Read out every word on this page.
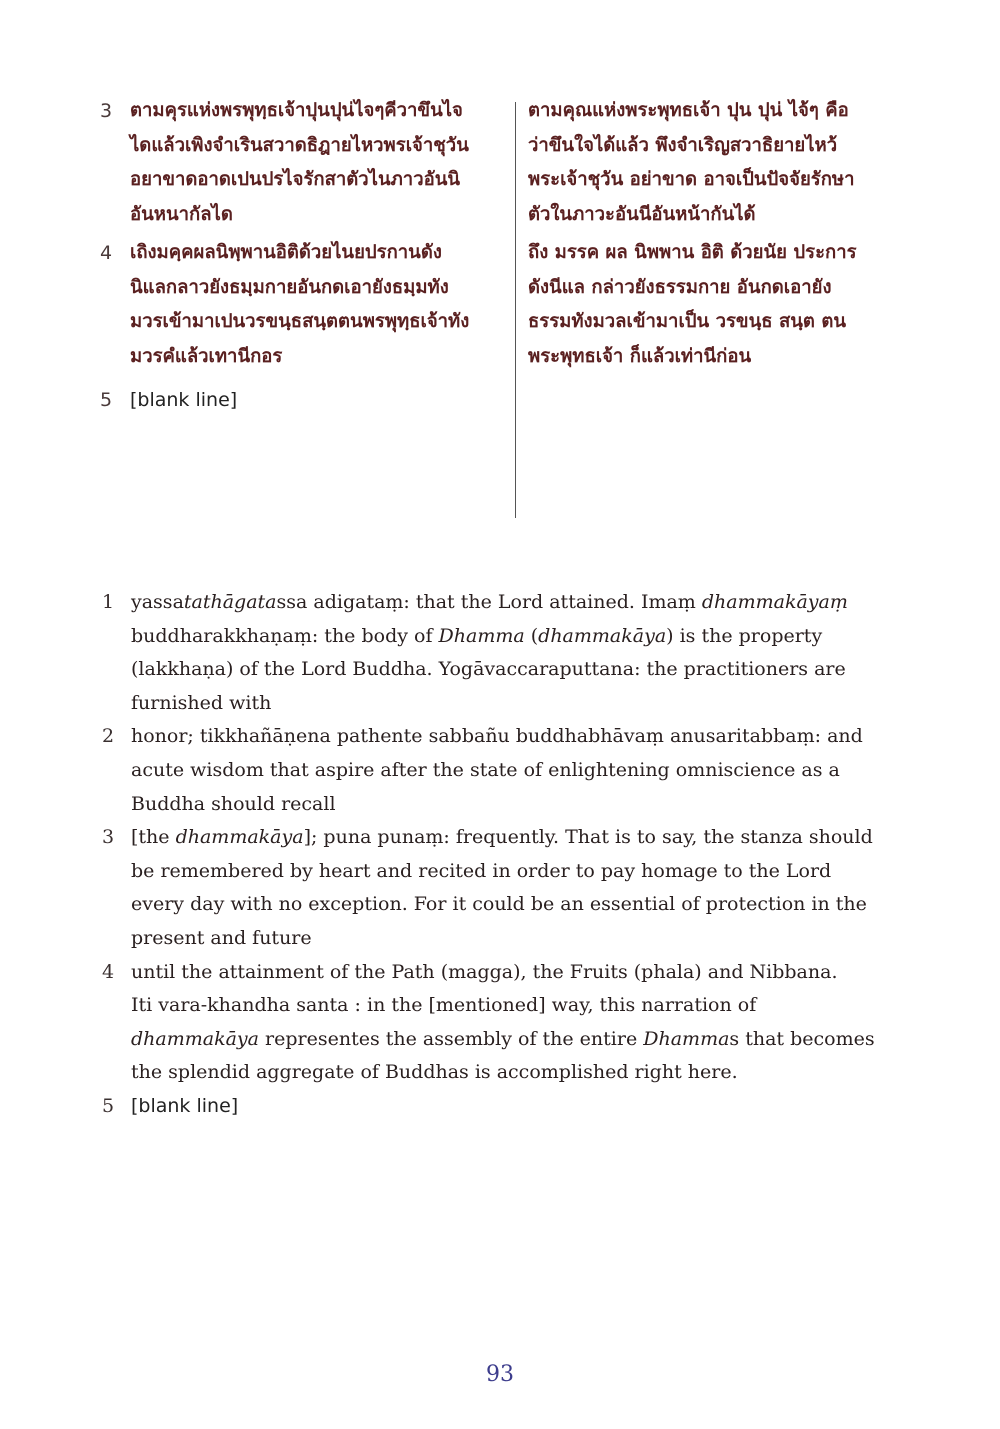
3 ตามคุรแห่งพรพุทฺธเจ้าปุนปุน่ไจๆคีวาขึนไจ
ไดแล้วเพิงจำเรินสวาดธิฎายไหวพรเจ้าชุวัน
อยาขาดอาดเปนปรไจรักสาตัวไนภาวอันนิ
อันหนากัลได
ตามคุณแห่งพระพุทธเจ้า ปุน ปุน่ ไจ้ๆ คือ
ว่าขึนใจได้แล้ว พึงจำเริญสวาธิยายไหว้
พระเจ้าชุวัน อย่าขาด อาจเป็นปัจจัยรักษา
ตัวในภาวะอันนีอันหน้ากันได้
4 เถิงมคฺคผลนิพฺพานอิติด้วยไนยปรกานดัง
นิแลกลาวยังธมฺมกายอันกดเอายังธมฺมทัง
มวรเข้ามาเปนวรขนฺธสนฺตตนพรพุทฺธเจ้าทัง
มวรคํแล้วเทานีกอร
ถึง มรรค ผล นิพพาน อิติ ด้วยนัย ประการ
ดังนีแล กล่าวยังธรรมกาย อันกดเอายัง
ธรรมทังมวลเข้ามาเป็น วรขนฺธ สนฺต ตน
พระพุทธเจ้า ก็แล้วเท่านีก่อน
5 [blank line]
1 yassatathāgatassa adigataṃ: that the Lord attained. Imaṃ dhammakāyaṃ
buddharakkhaṇaṃ: the body of Dhamma (dhammakāya) is the property
(lakkhaṇa) of the Lord Buddha. Yogāvaccaraputtana: the practitioners are
furnished with
2 honor; tikkhañāṇena pathente sabbañu buddhabhāvaṃ anusaritabbaṃ: and
acute wisdom that aspire after the state of enlightening omniscience as a
Buddha should recall
3 [the dhammakāya]; puna punaṃ: frequently. That is to say, the stanza should
be remembered by heart and recited in order to pay homage to the Lord
every day with no exception. For it could be an essential of protection in the
present and future
4 until the attainment of the Path (magga), the Fruits (phala) and Nibbana.
Iti vara-khandha santa : in the [mentioned] way, this narration of
dhammakāya representes the assembly of the entire Dhammas that becomes
the splendid aggregate of Buddhas is accomplished right here.
5 [blank line]
93
